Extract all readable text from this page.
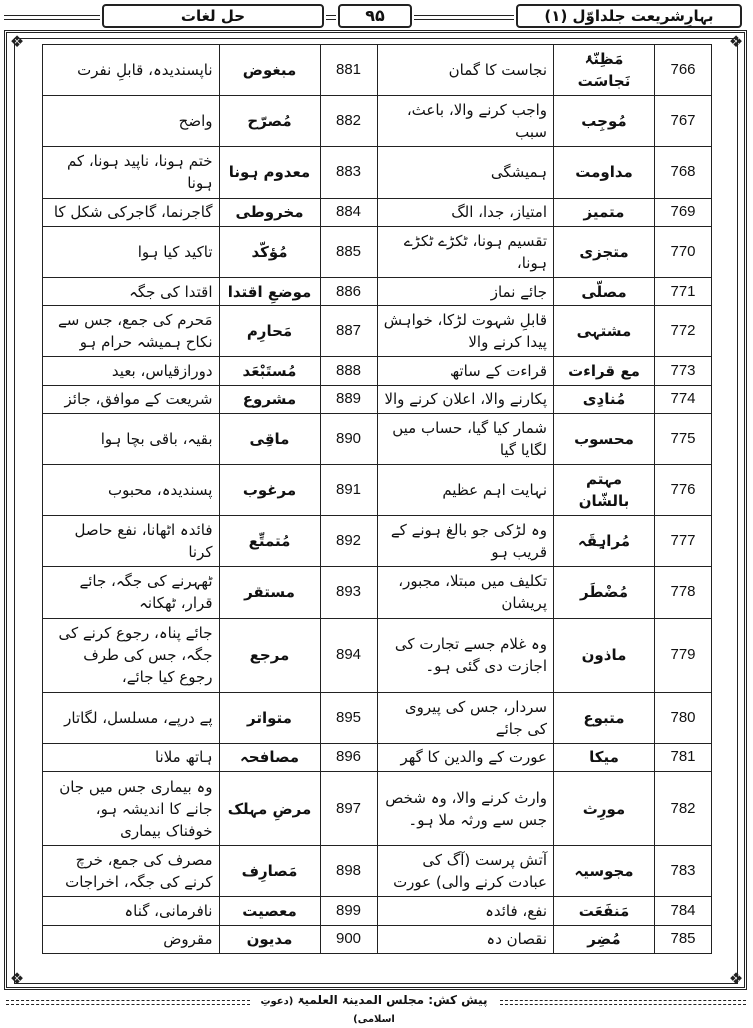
حل لغات	۹۵	بہارِشریعت جلداوّل (۱)
❖	❖
❖	❖
766	مَظِنّۂ نَجاسَت	نجاست کا گمان	881	مبغوض	ناپسندیدہ، قابلِ نفرت
767	مُوجِب	واجب کرنے والا، باعث، سبب	882	مُصرّح	واضح
768	مداومت	ہمیشگی	883	معدوم ہونا	ختم ہونا، ناپید ہونا، کم ہونا
769	متمیز	امتیاز، جدا، الگ	884	مخروطی	گاجرنما، گاجرکی شکل کا
770	متجزی	تقسیم ہونا، ٹکڑے ٹکڑے ہونا،	885	مُؤکّد	تاکید کیا ہوا
771	مصلّی	جائے نماز	886	موضعِ اقتدا	اقتدا کی جگہ
772	مشتہی	قابلِ شہوت لڑکا، خواہش پیدا کرنے والا	887	مَحارِم	مَحرم کی جمع، جس سے نکاح ہمیشہ حرام ہو
773	مع قراءت	قراءت کے ساتھ	888	مُستَبْعَد	دورازقیاس، بعید
774	مُنادِی	پکارنے والا، اعلان کرنے والا	889	مشروع	شریعت کے موافق، جائز
775	محسوب	شمار کیا گیا، حساب میں لگایا گیا	890	ماقِی	بقیہ، باقی بچا ہوا
776	مہتم بالشّان	نہایت اہم عظیم	891	مرغوب	پسندیدہ، محبوب
777	مُراہِقَہ	وہ لڑکی جو بالغ ہونے کے قریب ہو	892	مُتمتِّع	فائدہ اٹھانا، نفع حاصل کرنا
778	مُضْطَر	تکلیف میں مبتلا، مجبور، پریشان	893	مستقر	ٹھہرنے کی جگہ، جائے قرار، ٹھکانہ
779	ماذون	وہ غلام جسے تجارت کی اجازت دی گئی ہو۔	894	مرجع	جائے پناہ، رجوع کرنے کی جگہ، جس کی طرف رجوع کیا جائے،
780	متبوع	سردار، جس کی پیروی کی جائے	895	متواتر	پے درپے، مسلسل، لگاتار
781	میکا	عورت کے والدین کا گھر	896	مصافحہ	ہاتھ ملانا
782	مورِث	وارث کرنے والا، وہ شخص جس سے ورثہ ملا ہو۔	897	مرضِ مہلک	وہ بیماری جس میں جان جانے کا اندیشہ ہو، خوفناک بیماری
783	مجوسیہ	آتش پرست (آگ کی عبادت کرنے والی) عورت	898	مَصارِف	مصرف کی جمع، خرچ کرنے کی جگہ، اخراجات
784	مَنفَعَت	نفع، فائدہ	899	معصیت	نافرمانی، گناہ
785	مُضِر	نقصان دہ	900	مدیون	مقروض
پیش کش: مجلس المدینۃ العلمیۃ (دعوتِ اسلامی)
